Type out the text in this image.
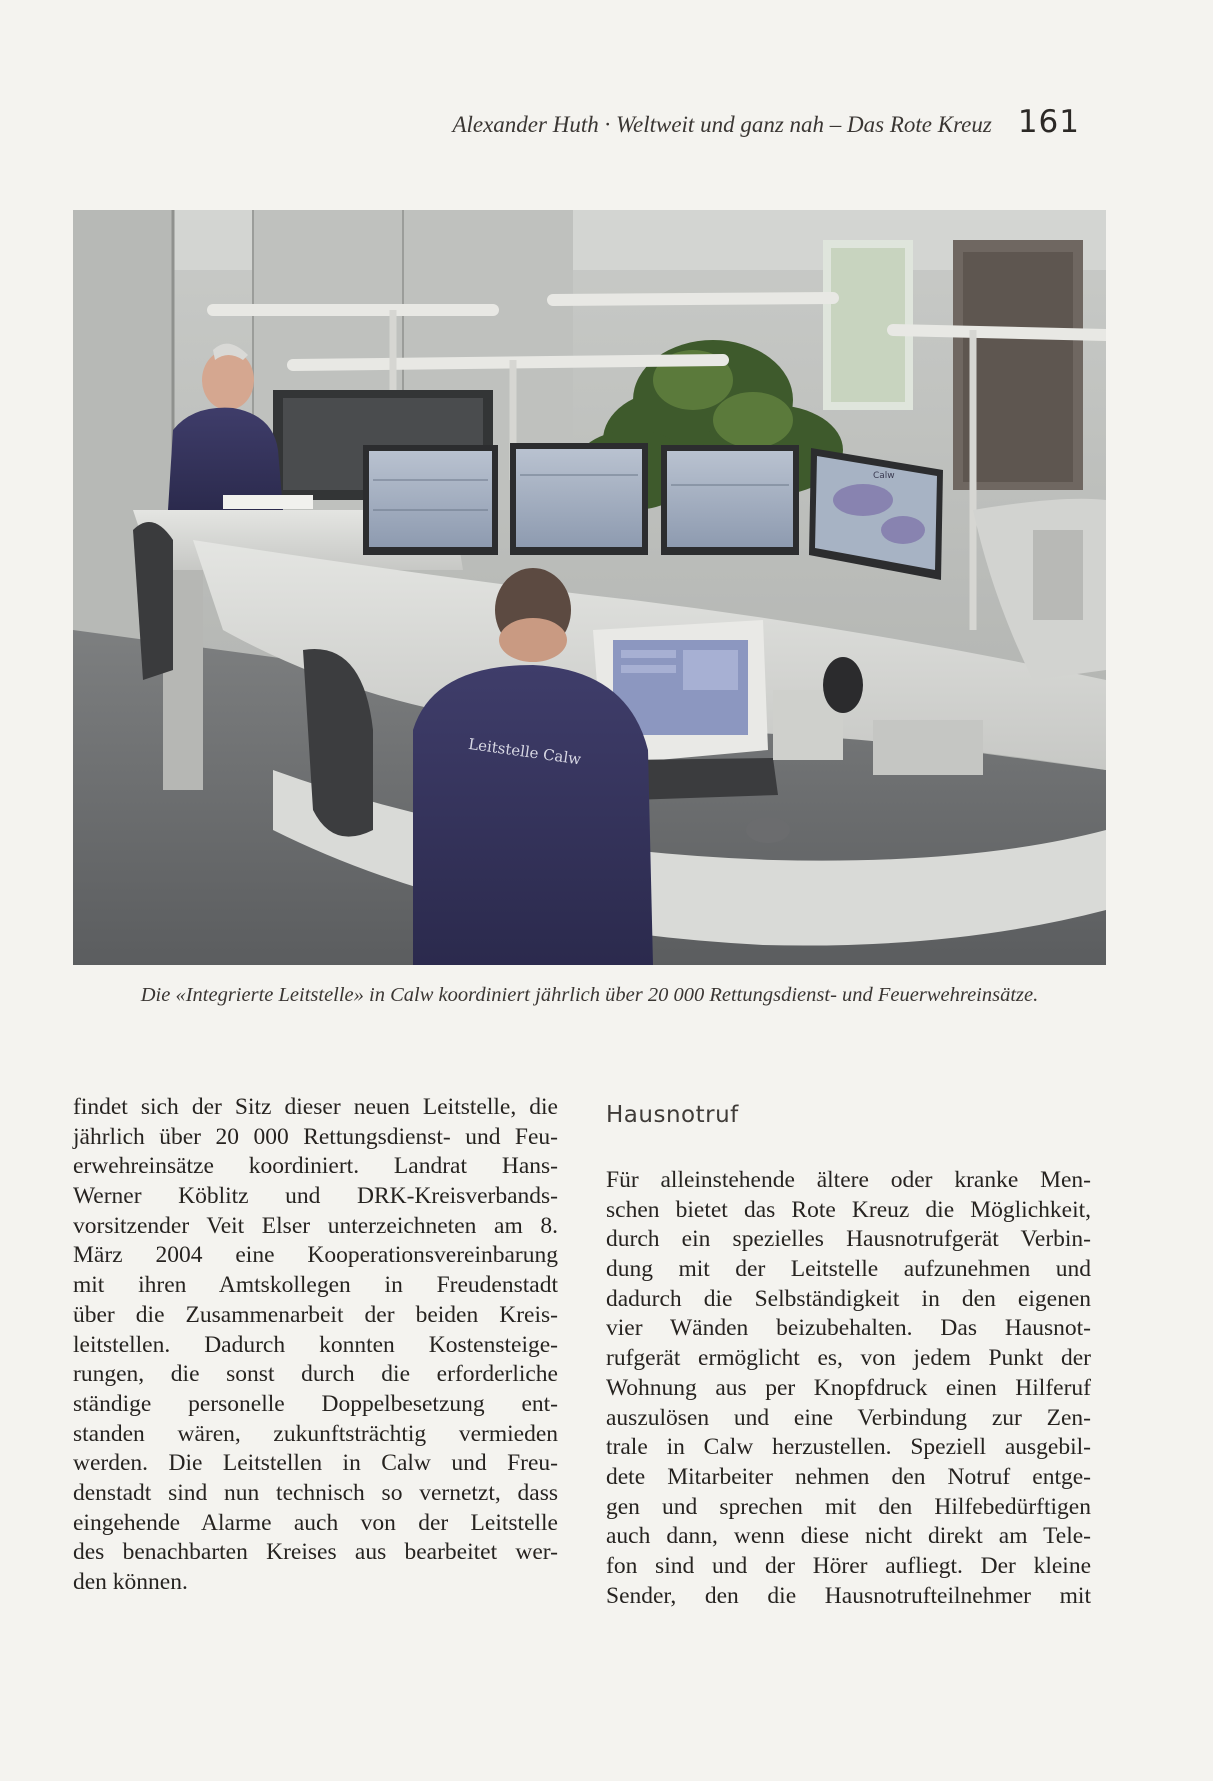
Alexander Huth · Weltweit und ganz nah – Das Rote Kreuz 161
Calw
Leitstelle Calw
Die «Integrierte Leitstelle» in Calw koordiniert jährlich über 20 000 Rettungsdienst- und Feuerwehreinsätze.
findet sich der Sitz dieser neuen Leitstelle, die
jährlich über 20 000 Rettungsdienst- und Feu-
erwehreinsätze koordiniert. Landrat Hans-
Werner Köblitz und DRK-Kreisverbands-
vorsitzender Veit Elser unterzeichneten am 8.
März 2004 eine Kooperationsvereinbarung
mit ihren Amtskollegen in Freudenstadt
über die Zusammenarbeit der beiden Kreis-
leitstellen. Dadurch konnten Kostensteige-
rungen, die sonst durch die erforderliche
ständige personelle Doppelbesetzung ent-
standen wären, zukunftsträchtig vermieden
werden. Die Leitstellen in Calw und Freu-
denstadt sind nun technisch so vernetzt, dass
eingehende Alarme auch von der Leitstelle
des benachbarten Kreises aus bearbeitet wer-
den können.
Hausnotruf
Für alleinstehende ältere oder kranke Men-
schen bietet das Rote Kreuz die Möglichkeit,
durch ein spezielles Hausnotrufgerät Verbin-
dung mit der Leitstelle aufzunehmen und
dadurch die Selbständigkeit in den eigenen
vier Wänden beizubehalten. Das Hausnot-
rufgerät ermöglicht es, von jedem Punkt der
Wohnung aus per Knopfdruck einen Hilferuf
auszulösen und eine Verbindung zur Zen-
trale in Calw herzustellen. Speziell ausgebil-
dete Mitarbeiter nehmen den Notruf entge-
gen und sprechen mit den Hilfebedürftigen
auch dann, wenn diese nicht direkt am Tele-
fon sind und der Hörer aufliegt. Der kleine
Sender, den die Hausnotrufteilnehmer mit
